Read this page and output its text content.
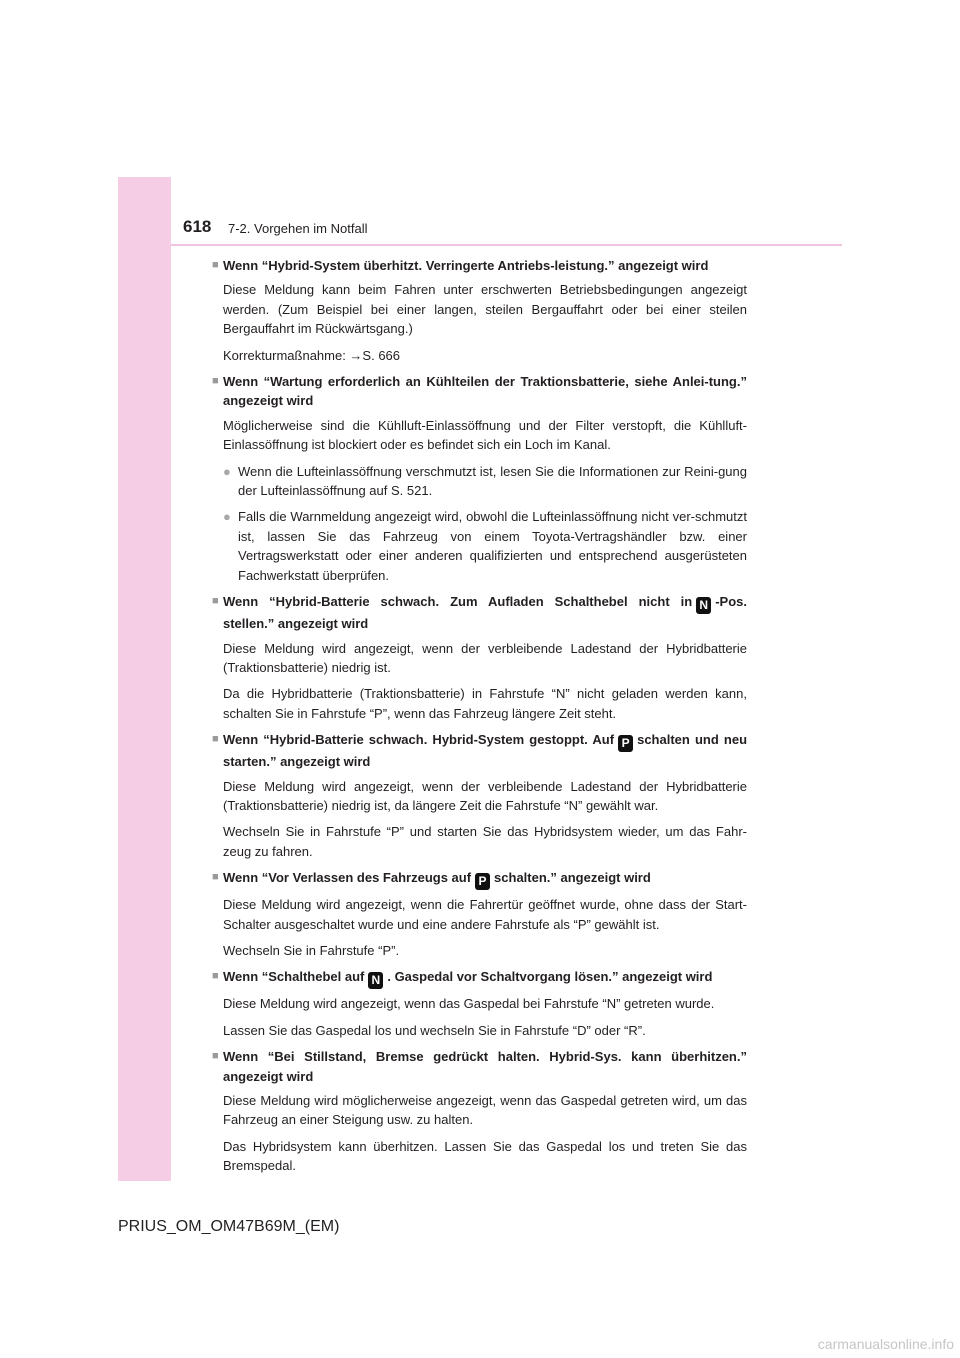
618 7-2. Vorgehen im Notfall
■ Wenn “Hybrid-System überhitzt. Verringerte Antriebs-leistung.” angezeigt wird
Diese Meldung kann beim Fahren unter erschwerten Betriebsbedingungen angezeigt werden. (Zum Beispiel bei einer langen, steilen Bergauffahrt oder bei einer steilen Bergauffahrt im Rückwärtsgang.)
Korrekturmaßnahme: →S. 666
■ Wenn “Wartung erforderlich an Kühlteilen der Traktionsbatterie, siehe Anlei-tung.” angezeigt wird
Möglicherweise sind die Kühlluft-Einlassöffnung und der Filter verstopft, die Kühlluft-Einlassöffnung ist blockiert oder es befindet sich ein Loch im Kanal.
● Wenn die Lufteinlassöffnung verschmutzt ist, lesen Sie die Informationen zur Reini-gung der Lufteinlassöffnung auf S. 521.
● Falls die Warnmeldung angezeigt wird, obwohl die Lufteinlassöffnung nicht ver-schmutzt ist, lassen Sie das Fahrzeug von einem Toyota-Vertragshändler bzw. einer Vertragswerkstatt oder einer anderen qualifizierten und entsprechend ausgerüsteten Fachwerkstatt überprüfen.
■ Wenn “Hybrid-Batterie schwach. Zum Aufladen Schalthebel nicht in N -Pos. stellen.” angezeigt wird
Diese Meldung wird angezeigt, wenn der verbleibende Ladestand der Hybridbatterie (Traktionsbatterie) niedrig ist.
Da die Hybridbatterie (Traktionsbatterie) in Fahrstufe “N” nicht geladen werden kann, schalten Sie in Fahrstufe “P”, wenn das Fahrzeug längere Zeit steht.
■ Wenn “Hybrid-Batterie schwach. Hybrid-System gestoppt. Auf P schalten und neu starten.” angezeigt wird
Diese Meldung wird angezeigt, wenn der verbleibende Ladestand der Hybridbatterie (Traktionsbatterie) niedrig ist, da längere Zeit die Fahrstufe “N” gewählt war.
Wechseln Sie in Fahrstufe “P” und starten Sie das Hybridsystem wieder, um das Fahr-zeug zu fahren.
■ Wenn “Vor Verlassen des Fahrzeugs auf P schalten.” angezeigt wird
Diese Meldung wird angezeigt, wenn die Fahrertür geöffnet wurde, ohne dass der Start-Schalter ausgeschaltet wurde und eine andere Fahrstufe als “P” gewählt ist.
Wechseln Sie in Fahrstufe “P”.
■ Wenn “Schalthebel auf N . Gaspedal vor Schaltvorgang lösen.” angezeigt wird
Diese Meldung wird angezeigt, wenn das Gaspedal bei Fahrstufe “N” getreten wurde.
Lassen Sie das Gaspedal los und wechseln Sie in Fahrstufe “D” oder “R”.
■ Wenn “Bei Stillstand, Bremse gedrückt halten. Hybrid-Sys. kann überhitzen.” angezeigt wird
Diese Meldung wird möglicherweise angezeigt, wenn das Gaspedal getreten wird, um das Fahrzeug an einer Steigung usw. zu halten.
Das Hybridsystem kann überhitzen. Lassen Sie das Gaspedal los und treten Sie das Bremspedal.
PRIUS_OM_OM47B69M_(EM)
carmanualsonline.info
